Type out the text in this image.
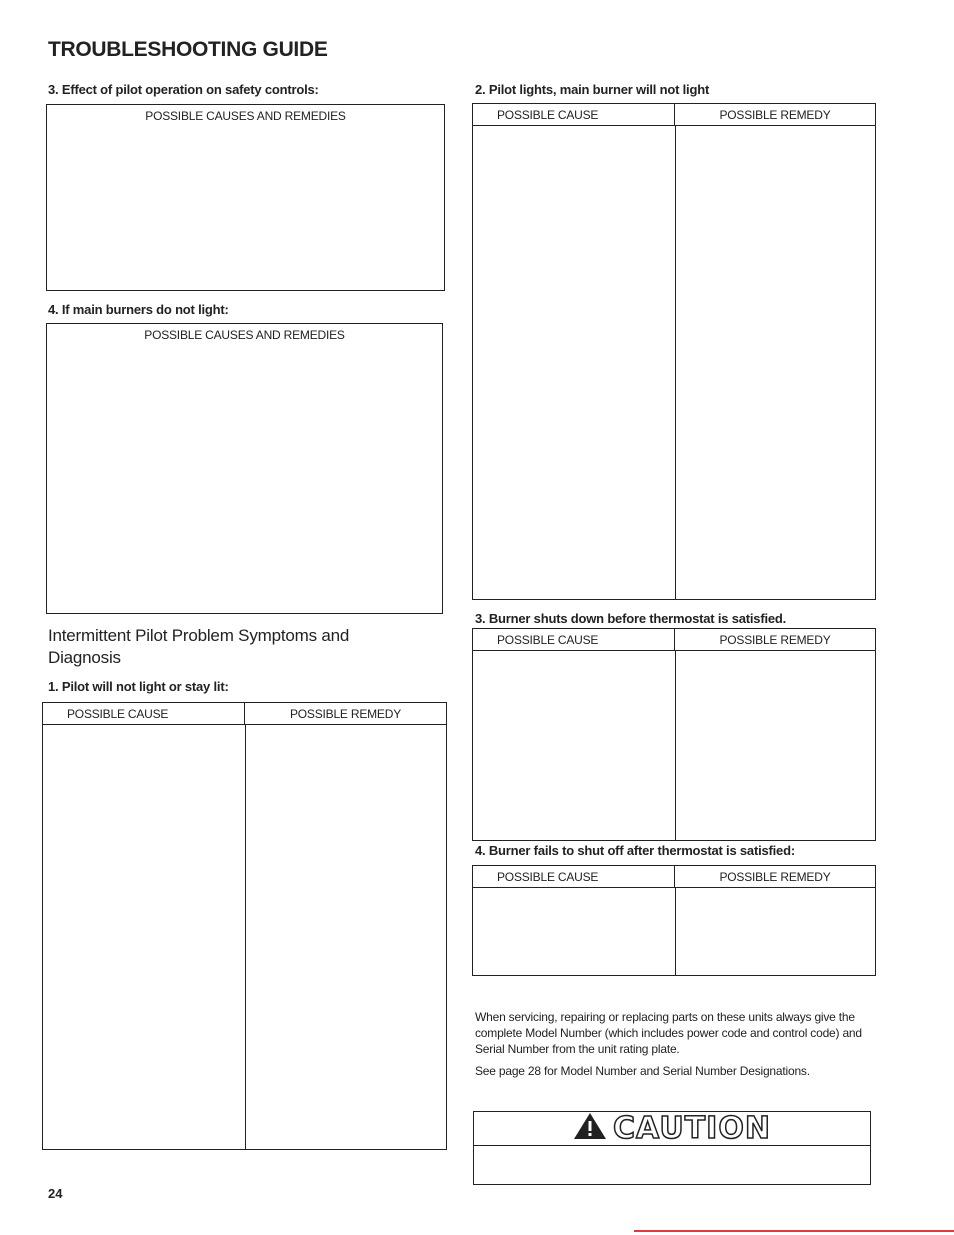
TROUBLESHOOTING GUIDE
3. Effect of pilot operation on safety controls:
POSSIBLE CAUSES AND REMEDIES
4. If main burners do not light:
POSSIBLE CAUSES AND REMEDIES
Intermittent Pilot Problem Symptoms and Diagnosis
1. Pilot will not light or stay lit:
POSSIBLE CAUSE	POSSIBLE REMEDY
24
2. Pilot lights, main burner will not light
POSSIBLE CAUSE	POSSIBLE REMEDY
3. Burner shuts down before thermostat is satisfied.
POSSIBLE CAUSE	POSSIBLE REMEDY
4. Burner fails to shut off after thermostat is satisfied:
POSSIBLE CAUSE	POSSIBLE REMEDY

When servicing, repairing or replacing parts on these units always give the complete Model Number (which includes power code and control code) and Serial Number from the unit rating plate.

See page 28 for Model Number and Serial Number Designations.

CAUTION
